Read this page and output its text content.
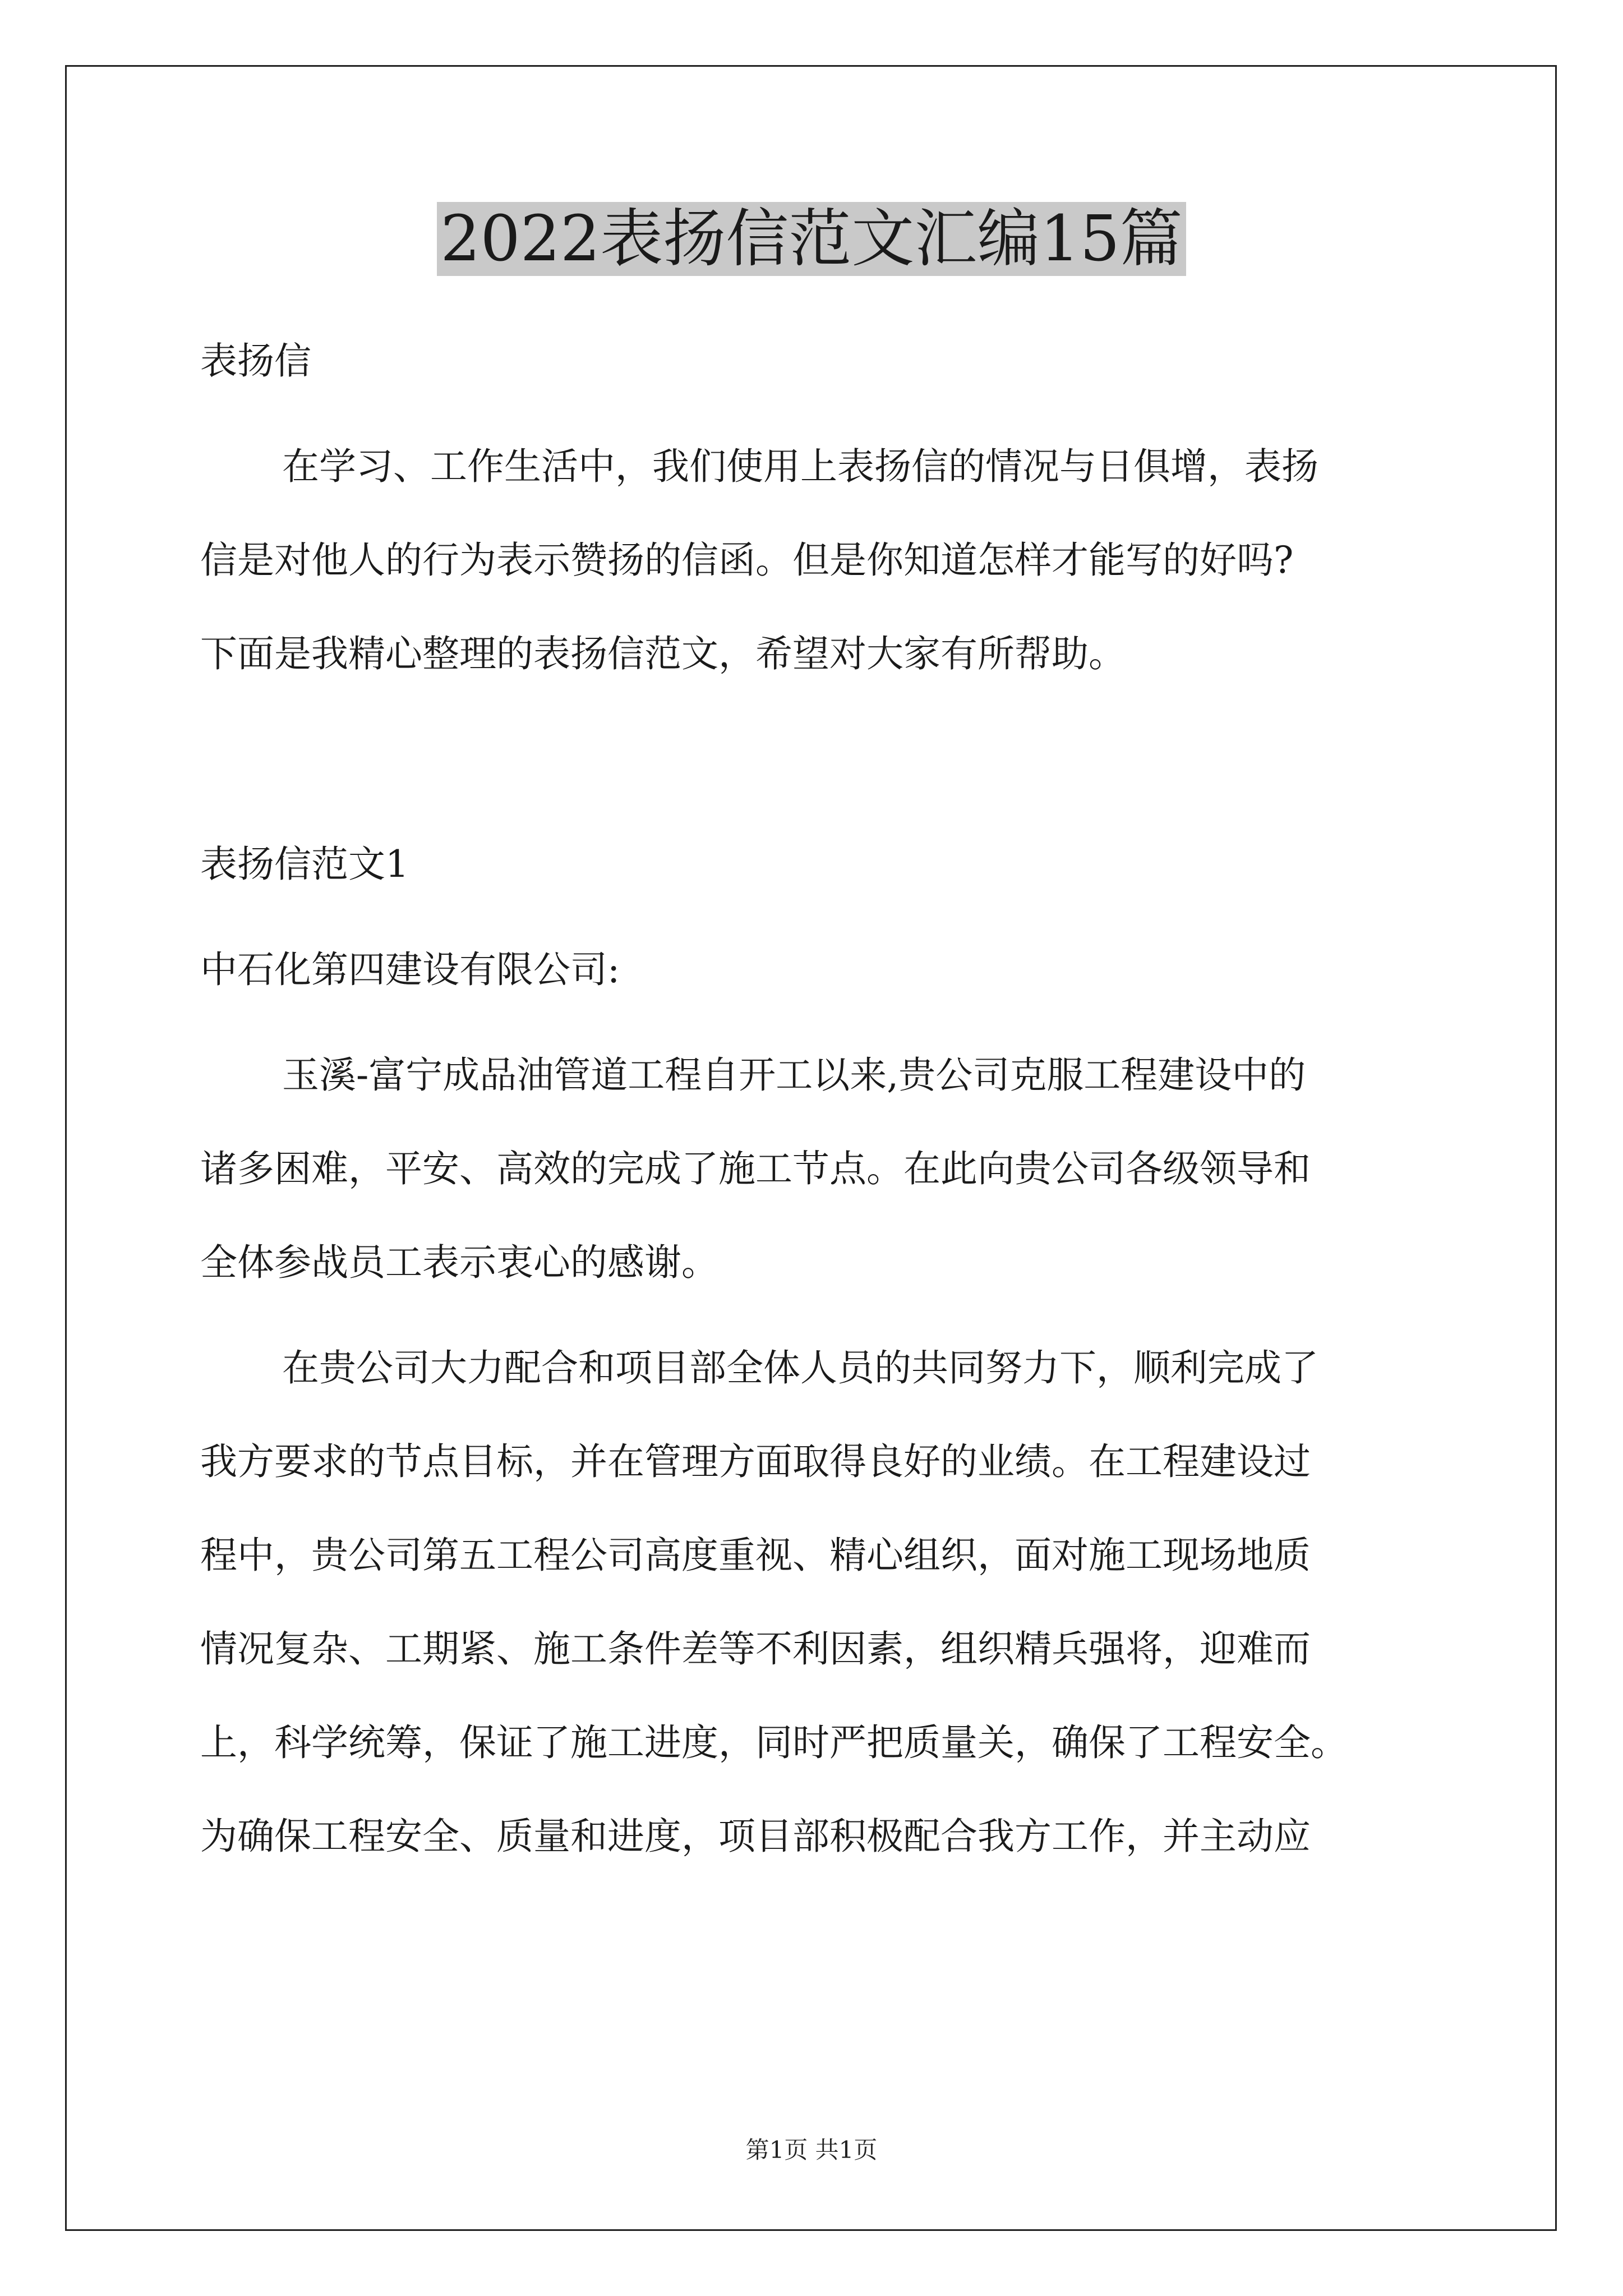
2022表扬信范文汇编15篇
表扬信
在学习、工作生活中，我们使用上表扬信的情况与日俱增，表扬
信是对他人的行为表示赞扬的信函。但是你知道怎样才能写的好吗?
下面是我精心整理的表扬信范文，希望对大家有所帮助。
表扬信范文1
中石化第四建设有限公司:
玉溪-富宁成品油管道工程自开工以来,贵公司克服工程建设中的
诸多困难，平安、高效的完成了施工节点。在此向贵公司各级领导和
全体参战员工表示衷心的感谢。
在贵公司大力配合和项目部全体人员的共同努力下，顺利完成了
我方要求的节点目标，并在管理方面取得良好的业绩。在工程建设过
程中，贵公司第五工程公司高度重视、精心组织，面对施工现场地质
情况复杂、工期紧、施工条件差等不利因素，组织精兵强将，迎难而
上，科学统筹，保证了施工进度，同时严把质量关，确保了工程安全。
为确保工程安全、质量和进度，项目部积极配合我方工作，并主动应
第1页 共1页
